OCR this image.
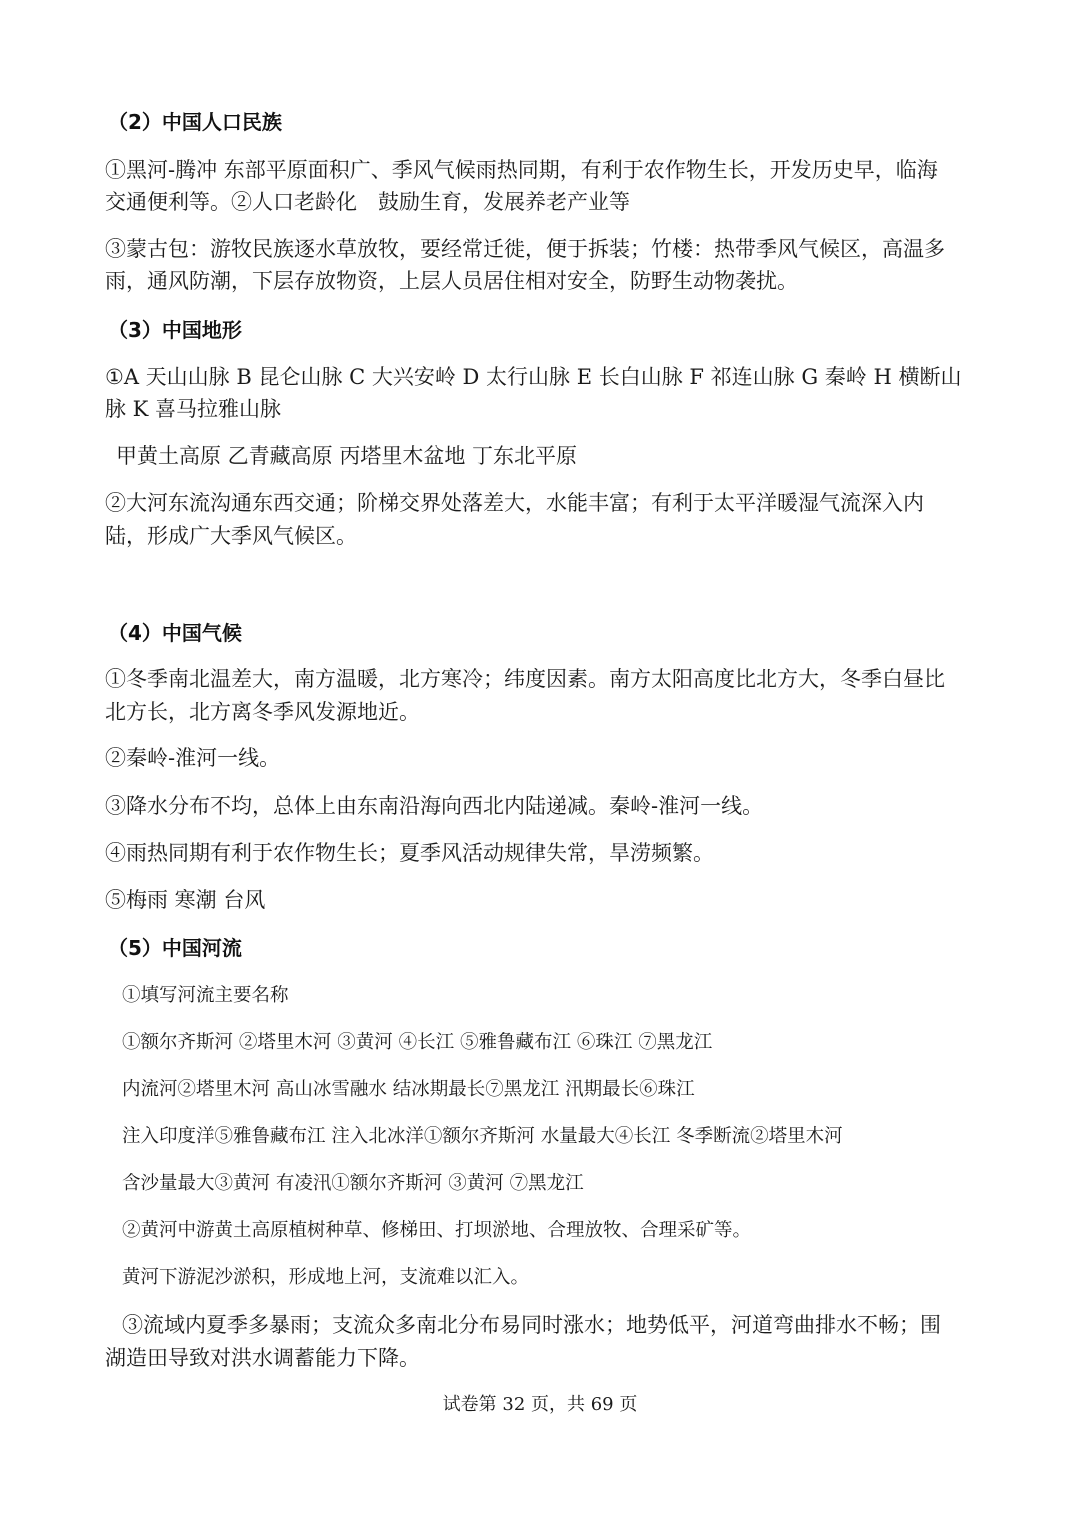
（2）中国人口民族

①黑河-腾冲 东部平原面积广、季风气候雨热同期，有利于农作物生长，开发历史早，临海

交通便利等。②人口老龄化　鼓励生育，发展养老产业等

③蒙古包：游牧民族逐水草放牧，要经常迁徙，便于拆装；竹楼：热带季风气候区，高温多

雨，通风防潮，下层存放物资，上层人员居住相对安全，防野生动物袭扰。

（3）中国地形

①A 天山山脉 B 昆仑山脉 C 大兴安岭 D 太行山脉 E 长白山脉 F 祁连山脉 G 秦岭 H 横断山

脉 K 喜马拉雅山脉

甲黄土高原 乙青藏高原 丙塔里木盆地 丁东北平原

②大河东流沟通东西交通；阶梯交界处落差大，水能丰富；有利于太平洋暖湿气流深入内

陆，形成广大季风气候区。

（4）中国气候

①冬季南北温差大，南方温暖，北方寒冷；纬度因素。南方太阳高度比北方大，冬季白昼比

北方长，北方离冬季风发源地近。

②秦岭-淮河一线。

③降水分布不均，总体上由东南沿海向西北内陆递减。秦岭-淮河一线。

④雨热同期有利于农作物生长；夏季风活动规律失常，旱涝频繁。

⑤梅雨 寒潮 台风

（5）中国河流

①填写河流主要名称

①额尔齐斯河 ②塔里木河 ③黄河 ④长江 ⑤雅鲁藏布江 ⑥珠江 ⑦黑龙江

内流河②塔里木河 高山冰雪融水 结冰期最长⑦黑龙江 汛期最长⑥珠江

注入印度洋⑤雅鲁藏布江 注入北冰洋①额尔齐斯河 水量最大④长江 冬季断流②塔里木河

含沙量最大③黄河 有凌汛①额尔齐斯河 ③黄河 ⑦黑龙江

②黄河中游黄土高原植树种草、修梯田、打坝淤地、合理放牧、合理采矿等。

黄河下游泥沙淤积，形成地上河，支流难以汇入。

③流域内夏季多暴雨；支流众多南北分布易同时涨水；地势低平，河道弯曲排水不畅；围

湖造田导致对洪水调蓄能力下降。

试卷第 32 页，共 69 页
